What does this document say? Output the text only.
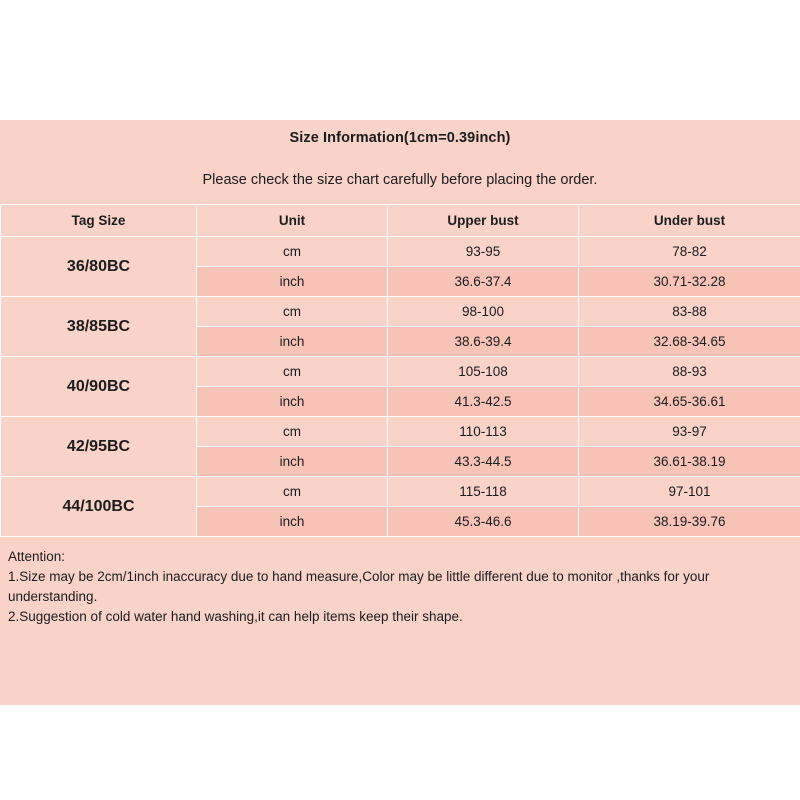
Size Information(1cm=0.39inch)
Please check the size chart carefully before placing the order.
Tag Size	Unit	Upper bust	Under bust
36/80BC	cm	93-95	78-82
	inch	36.6-37.4	30.71-32.28
38/85BC	cm	98-100	83-88
	inch	38.6-39.4	32.68-34.65
40/90BC	cm	105-108	88-93
	inch	41.3-42.5	34.65-36.61
42/95BC	cm	110-113	93-97
	inch	43.3-44.5	36.61-38.19
44/100BC	cm	115-118	97-101
	inch	45.3-46.6	38.19-39.76
Attention:
1.Size may be 2cm/1inch inaccuracy due to hand measure,Color may be little different due to monitor ,thanks for your understanding.
2.Suggestion of cold water hand washing,it can help items keep their shape.
